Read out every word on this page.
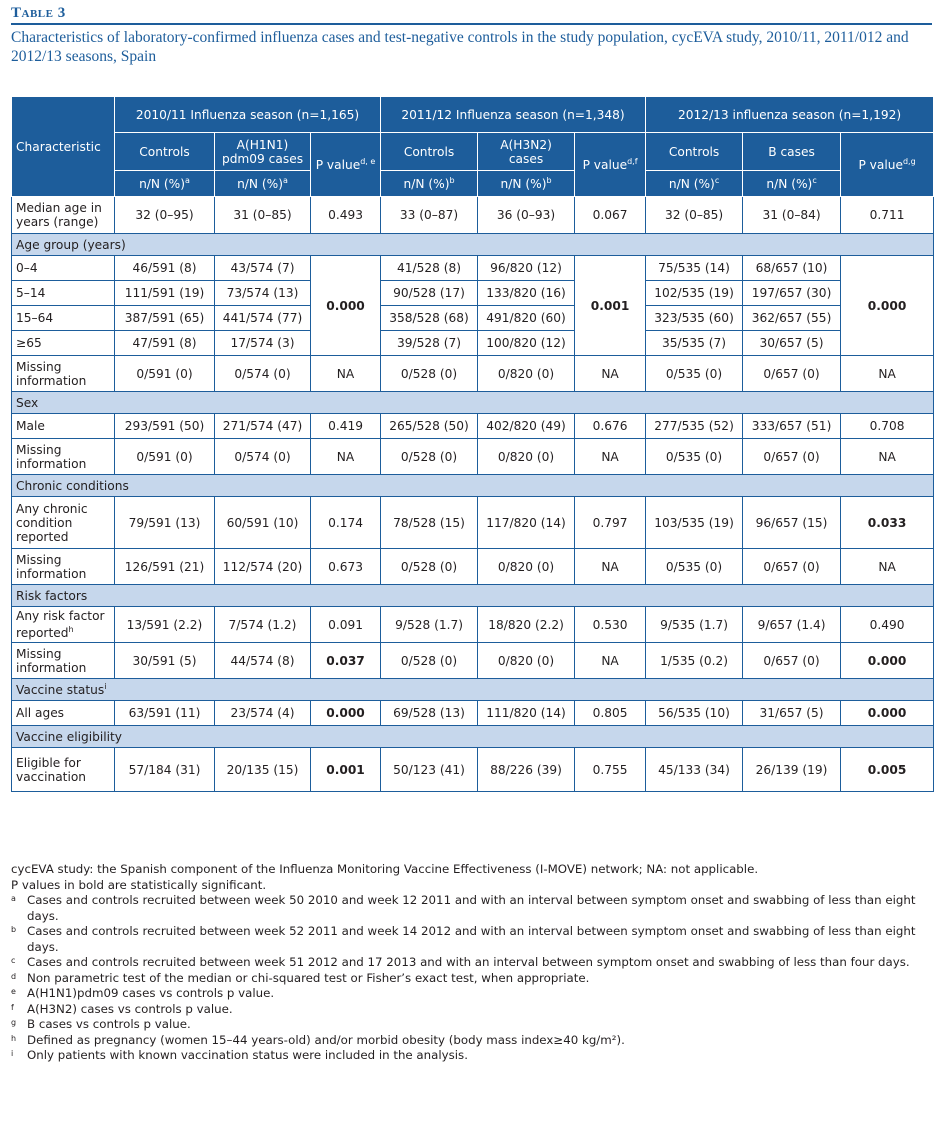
Table 3
Characteristics of laboratory-confirmed influenza cases and test-negative controls in the study population, cycEVA study, 2010/11, 2011/012 and 2012/13 seasons, Spain
Characteristic	2010/11 Influenza season (n=1,165)			2011/12 Influenza season (n=1,348)			2012/13 influenza season (n=1,192)		
	Controls	A(H1N1) pdm09 cases	P value$^{d, e}$	Controls	A(H3N2) cases	P value$^{d,f}$	Controls	B cases	P value$^{d,g}$
	n/N (%)$^a$	n/N (%)$^a$		n/N (%)$^b$	n/N (%)$^b$		n/N (%)$^c$	n/N (%)$^c$
Median age in years (range)	32 (0–95)	31 (0–85)	0.493	33 (0–87)	36 (0–93)	0.067	32 (0–85)	31 (0–84)	0.711
Age group (years)									
0–4	46/591 (8)	43/574 (7)	0.000	41/528 (8)	96/820 (12)	0.001	75/535 (14)	68/657 (10)	0.000
5–14	111/591 (19)	73/574 (13)		90/528 (17)	133/820 (16)		102/535 (19)	197/657 (30)	
15–64	387/591 (65)	441/574 (77)		358/528 (68)	491/820 (60)		323/535 (60)	362/657 (55)	
≥65	47/591 (8)	17/574 (3)		39/528 (7)	100/820 (12)		35/535 (7)	30/657 (5)	
Missing information	0/591 (0)	0/574 (0)	NA	0/528 (0)	0/820 (0)	NA	0/535 (0)	0/657 (0)	NA
Sex									
Male	293/591 (50)	271/574 (47)	0.419	265/528 (50)	402/820 (49)	0.676	277/535 (52)	333/657 (51)	0.708
Missing information	0/591 (0)	0/574 (0)	NA	0/528 (0)	0/820 (0)	NA	0/535 (0)	0/657 (0)	NA
Chronic conditions									
Any chronic condition reported	79/591 (13)	60/591 (10)	0.174	78/528 (15)	117/820 (14)	0.797	103/535 (19)	96/657 (15)	0.033
Missing information	126/591 (21)	112/574 (20)	0.673	0/528 (0)	0/820 (0)	NA	0/535 (0)	0/657 (0)	NA
Risk factors									
Any risk factor reported$^h$	13/591 (2.2)	7/574 (1.2)	0.091	9/528 (1.7)	18/820 (2.2)	0.530	9/535 (1.7)	9/657 (1.4)	0.490
Missing information	30/591 (5)	44/574 (8)	0.037	0/528 (0)	0/820 (0)	NA	1/535 (0.2)	0/657 (0)	0.000
Vaccine status$^i$
All ages	63/591 (11)	23/574 (4)	0.000	69/528 (13)	111/820 (14)	0.805	56/535 (10)	31/657 (5)	0.000
Vaccine eligibility									
Eligible for vaccination	57/184 (31)	20/135 (15)	0.001	50/123 (41)	88/226 (39)	0.755	45/133 (34)	26/139 (19)	0.005

cycEVA study: the Spanish component of the Influenza Monitoring Vaccine Effectiveness (I-MOVE) network; NA: not applicable.

P values in bold are statistically significant.

a Cases and controls recruited between week 50 2010 and week 12 2011 and with an interval between symptom onset and swabbing of less than eight days.
b Cases and controls recruited between week 52 2011 and week 14 2012 and with an interval between symptom onset and swabbing of less than eight days.
c Cases and controls recruited between week 51 2012 and 17 2013 and with an interval between symptom onset and swabbing of less than four days.
d Non parametric test of the median or chi-squared test or Fisher’s exact test, when appropriate.
e A(H1N1)pdm09 cases vs controls p value.
f	A(H3N2) cases vs controls p value.
g B cases vs controls p value.
h Defined as pregnancy (women 15–44 years-old) and/or morbid obesity (body mass index≥40 kg/m²).
i	Only patients with known vaccination status were included in the analysis.
